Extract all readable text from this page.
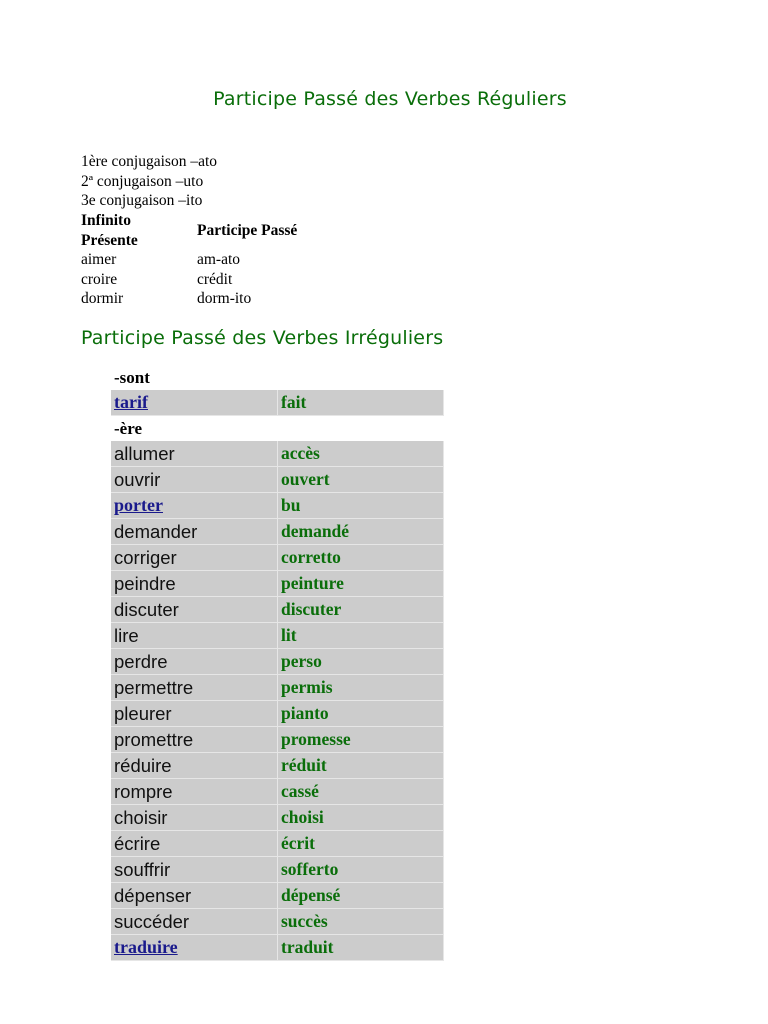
Participe Passé des Verbes Réguliers
1ère conjugaison –ato
2ª conjugaison –uto
3e conjugaison –ito
Infinito
Présente	Participe Passé
aimer	am-ato
croire	crédit
dormir	dorm-ito
Participe Passé des Verbes Irréguliers
-sont	
tarif	fait
-ère	
allumer	accès
ouvrir	ouvert
porter	bu
demander	demandé
corriger	corretto
peindre	peinture
discuter	discuter
lire	lit
perdre	perso
permettre	permis
pleurer	pianto
promettre	promesse
réduire	réduit
rompre	cassé
choisir	choisi
écrire	écrit
souffrir	sofferto
dépenser	dépensé
succéder	succès
traduire	traduit
